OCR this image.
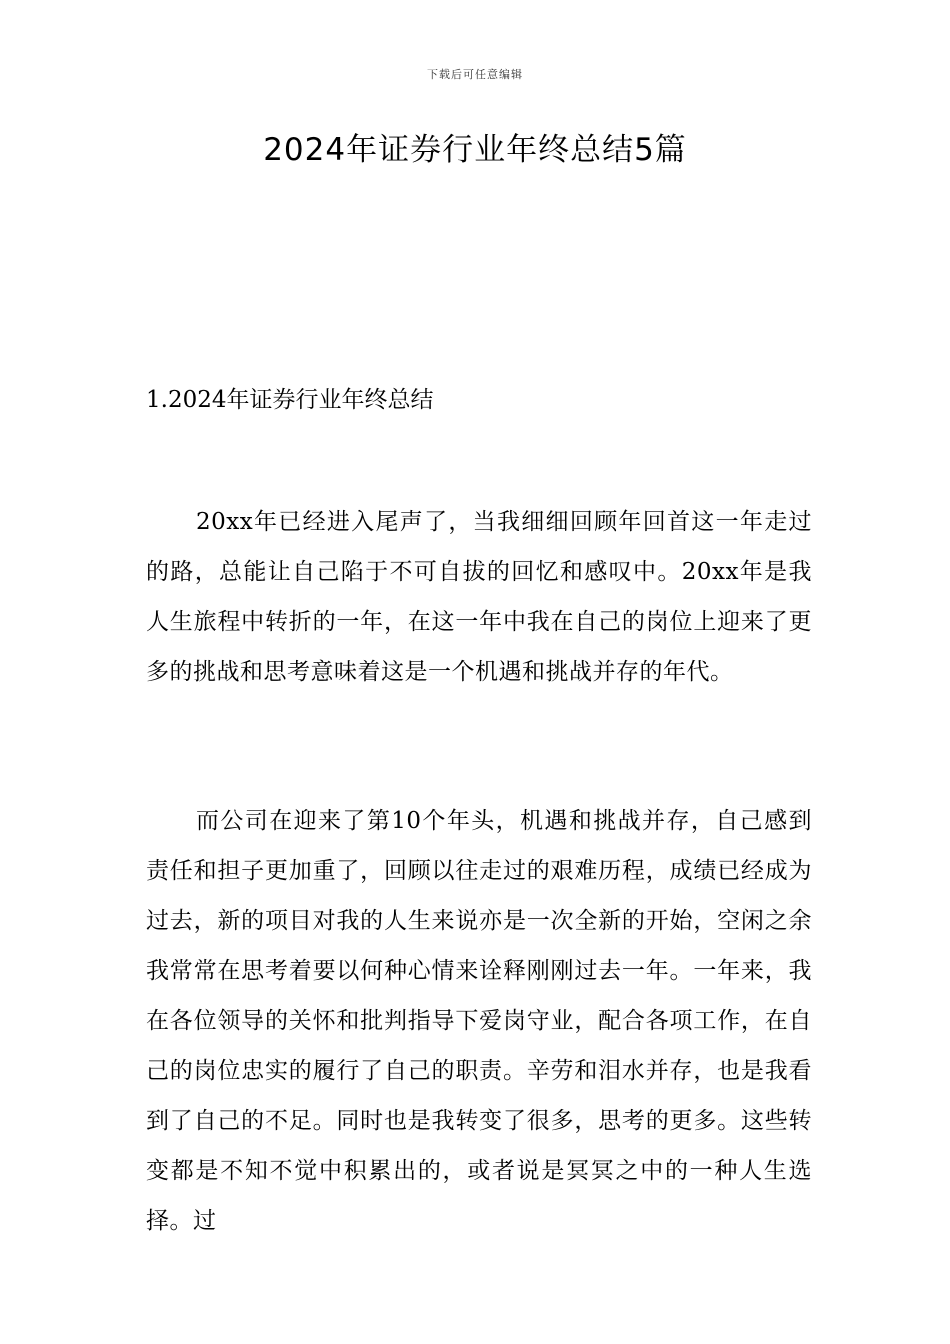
下载后可任意编辑
2024年证券行业年终总结5篇
1.2024年证券行业年终总结

20xx年已经进入尾声了，当我细细回顾年回首这一年走过的路，总能让自己陷于不可自拔的回忆和感叹中。20xx年是我人生旅程中转折的一年，在这一年中我在自己的岗位上迎来了更多的挑战和思考意味着这是一个机遇和挑战并存的年代。

而公司在迎来了第10个年头，机遇和挑战并存，自己感到责任和担子更加重了，回顾以往走过的艰难历程，成绩已经成为过去，新的项目对我的人生来说亦是一次全新的开始，空闲之余我常常在思考着要以何种心情来诠释刚刚过去一年。一年来，我在各位领导的关怀和批判指导下爱岗守业，配合各项工作，在自己的岗位忠实的履行了自己的职责。辛劳和泪水并存，也是我看到了自己的不足。同时也是我转变了很多，思考的更多。这些转变都是不知不觉中积累出的，或者说是冥冥之中的一种人生选择。过
